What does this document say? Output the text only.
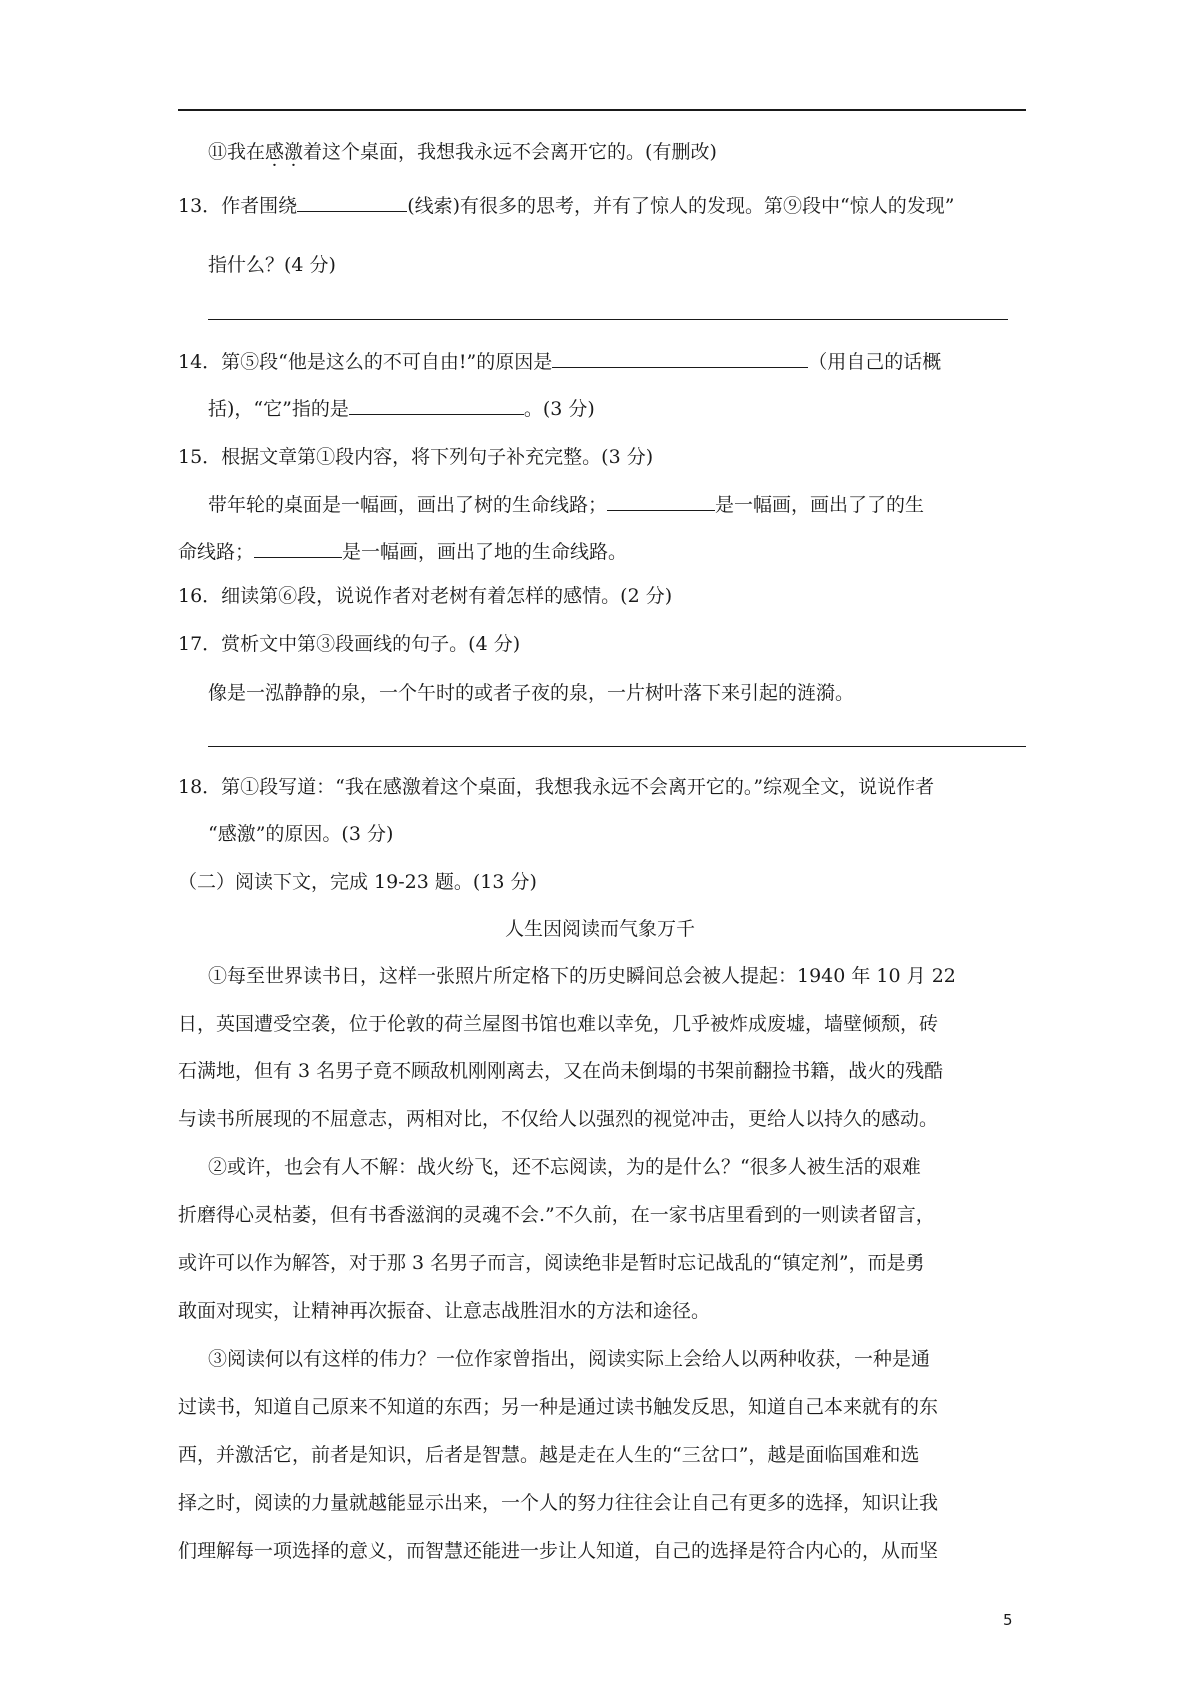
⑪我在感激着这个桌面，我想我永远不会离开它的。(有删改)
13．作者围绕	(线索)有很多的思考，并有了惊人的发现。第⑨段中“惊人的发现”
指什么？(4 分)
14．第⑤段“他是这么的不可自由!”的原因是	（用自己的话概
括)，“它”指的是	。(3 分)
15．根据文章第①段内容，将下列句子补充完整。(3 分)
带年轮的桌面是一幅画，画出了树的生命线路；	是一幅画，画出了了的生
命线路；	是一幅画，画出了地的生命线路。
16．细读第⑥段，说说作者对老树有着怎样的感情。(2 分)
17．赏析文中第③段画线的句子。(4 分)
像是一泓静静的泉，一个午时的或者子夜的泉，一片树叶落下来引起的涟漪。
18．第①段写道：“我在感激着这个桌面，我想我永远不会离开它的。”综观全文，说说作者
“感激”的原因。(3 分)
（二）阅读下文，完成 19-23 题。(13 分)
人生因阅读而气象万千
①每至世界读书日，这样一张照片所定格下的历史瞬间总会被人提起：1940 年 10 月 22
日，英国遭受空袭，位于伦敦的荷兰屋图书馆也难以幸免，几乎被炸成废墟，墙壁倾颓，砖
石满地，但有 3 名男子竟不顾敌机刚刚离去，又在尚未倒塌的书架前翻捡书籍，战火的残酷
与读书所展现的不屈意志，两相对比，不仅给人以强烈的视觉冲击，更给人以持久的感动。
②或许，也会有人不解：战火纷飞，还不忘阅读，为的是什么？“很多人被生活的艰难
折磨得心灵枯萎，但有书香滋润的灵魂不会.”不久前，在一家书店里看到的一则读者留言，
或许可以作为解答，对于那 3 名男子而言，阅读绝非是暂时忘记战乱的“镇定剂”，而是勇
敢面对现实，让精神再次振奋、让意志战胜泪水的方法和途径。
③阅读何以有这样的伟力？一位作家曾指出，阅读实际上会给人以两种收获，一种是通
过读书，知道自己原来不知道的东西；另一种是通过读书触发反思，知道自己本来就有的东
西，并激活它，前者是知识，后者是智慧。越是走在人生的“三岔口”，越是面临国难和选
择之时，阅读的力量就越能显示出来，一个人的努力往往会让自己有更多的选择，知识让我
们理解每一项选择的意义，而智慧还能进一步让人知道，自己的选择是符合内心的，从而坚
5
